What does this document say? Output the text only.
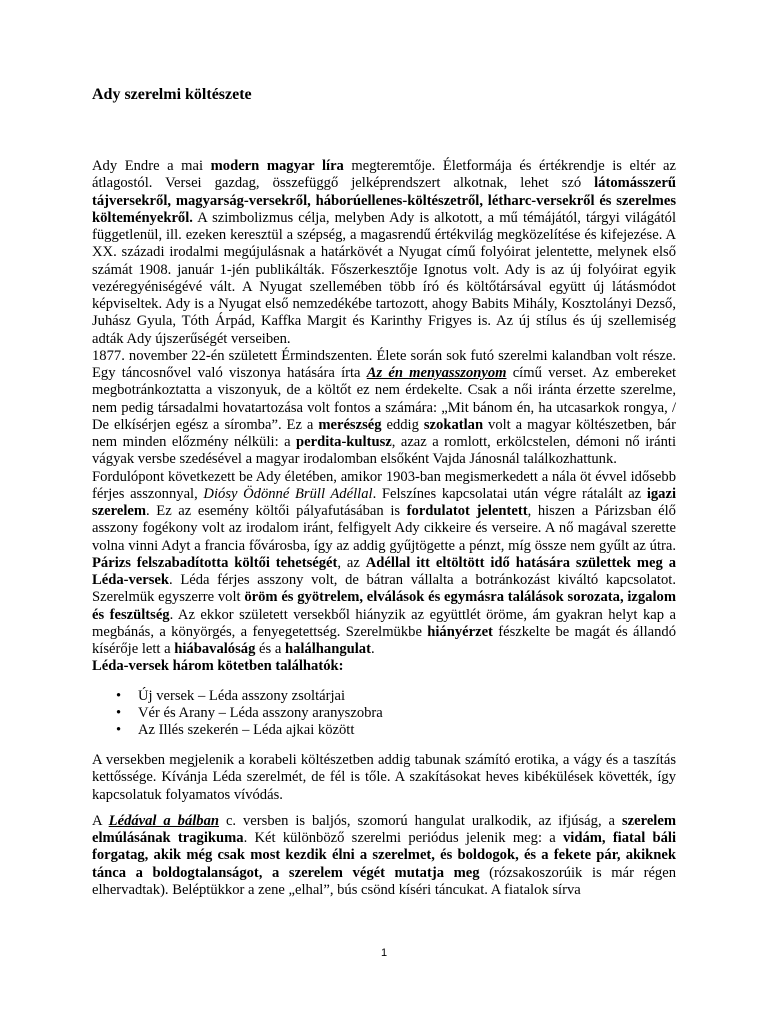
Ady szerelmi költészete

Ady Endre a mai modern magyar líra megteremtője. Életformája és értékrendje is eltér az átlagostól. Versei gazdag, összefüggő jelképrendszert alkotnak, lehet szó látomásszerű tájversekről, magyarság-versekről, háborúellenes-költészetről, létharc-versekről és szerelmes költeményekről. A szimbolizmus célja, melyben Ady is alkotott, a mű témájától, tárgyi világától függetlenül, ill. ezeken keresztül a szépség, a magasrendű értékvilág megközelítése és kifejezése. A XX. századi irodalmi megújulásnak a határkövét a Nyugat című folyóirat jelentette, melynek első számát 1908. január 1-jén publikálták. Főszerkesztője Ignotus volt. Ady is az új folyóirat egyik vezéregyéniségévé vált. A Nyugat szellemében több író és költőtársával együtt új látásmódot képviseltek. Ady is a Nyugat első nemzedékébe tartozott, ahogy Babits Mihály, Kosztolányi Dezső, Juhász Gyula, Tóth Árpád, Kaffka Margit és Karinthy Frigyes is. Az új stílus és új szellemiség adták Ady újszerűségét verseiben.

1877. november 22-én született Érmindszenten. Élete során sok futó szerelmi kalandban volt része. Egy táncosnővel való viszonya hatására írta Az én menyasszonyom című verset. Az embereket megbotránkoztatta a viszonyuk, de a költőt ez nem érdekelte. Csak a női iránta érzette szerelme, nem pedig társadalmi hovatartozása volt fontos a számára: „Mit bánom én, ha utcasarkok rongya, / De elkísérjen egész a síromba”. Ez a merészség eddig szokatlan volt a magyar költészetben, bár nem minden előzmény nélküli: a perdita-kultusz, azaz a romlott, erkölcstelen, démoni nő iránti vágyak versbe szedésével a magyar irodalomban elsőként Vajda Jánosnál találkozhattunk.

Fordulópont következett be Ady életében, amikor 1903-ban megismerkedett a nála öt évvel idősebb férjes asszonnyal, Diósy Ödönné Brüll Adéllal. Felszínes kapcsolatai után végre rátalált az igazi szerelem. Ez az esemény költői pályafutásában is fordulatot jelentett, hiszen a Párizsban élő asszony fogékony volt az irodalom iránt, felfigyelt Ady cikkeire és verseire. A nő magával szerette volna vinni Adyt a francia fővárosba, így az addig gyűjtögette a pénzt, míg össze nem gyűlt az útra. Párizs felszabadította költői tehetségét, az Adéllal itt eltöltött idő hatására születtek meg a Léda-versek. Léda férjes asszony volt, de bátran vállalta a botránkozást kiváltó kapcsolatot. Szerelmük egyszerre volt öröm és gyötrelem, elválások és egymásra találások sorozata, izgalom és feszültség. Az ekkor született versekből hiányzik az együttlét öröme, ám gyakran helyt kap a megbánás, a könyörgés, a fenyegetettség. Szerelmükbe hiányérzet fészkelte be magát és állandó kísérője lett a hiábavalóság és a halálhangulat.

Léda-versek három kötetben találhatók:

• Új versek – Léda asszony zsoltárjai
• Vér és Arany – Léda asszony aranyszobra
• Az Illés szekerén – Léda ajkai között

A versekben megjelenik a korabeli költészetben addig tabunak számító erotika, a vágy és a taszítás kettőssége. Kívánja Léda szerelmét, de fél is tőle. A szakításokat heves kibékülések követték, így kapcsolatuk folyamatos vívódás.

A Lédával a bálban c. versben is baljós, szomorú hangulat uralkodik, az ifjúság, a szerelem elmúlásának tragikuma. Két különböző szerelmi periódus jelenik meg: a vidám, fiatal báli forgatag, akik még csak most kezdik élni a szerelmet, és boldogok, és a fekete pár, akiknek tánca a boldogtalanságot, a szerelem végét mutatja meg (rózsakoszorúik is már régen elhervadtak). Beléptükkor a zene „elhal”, bús csönd kíséri táncukat. A fiatalok sírva

1
